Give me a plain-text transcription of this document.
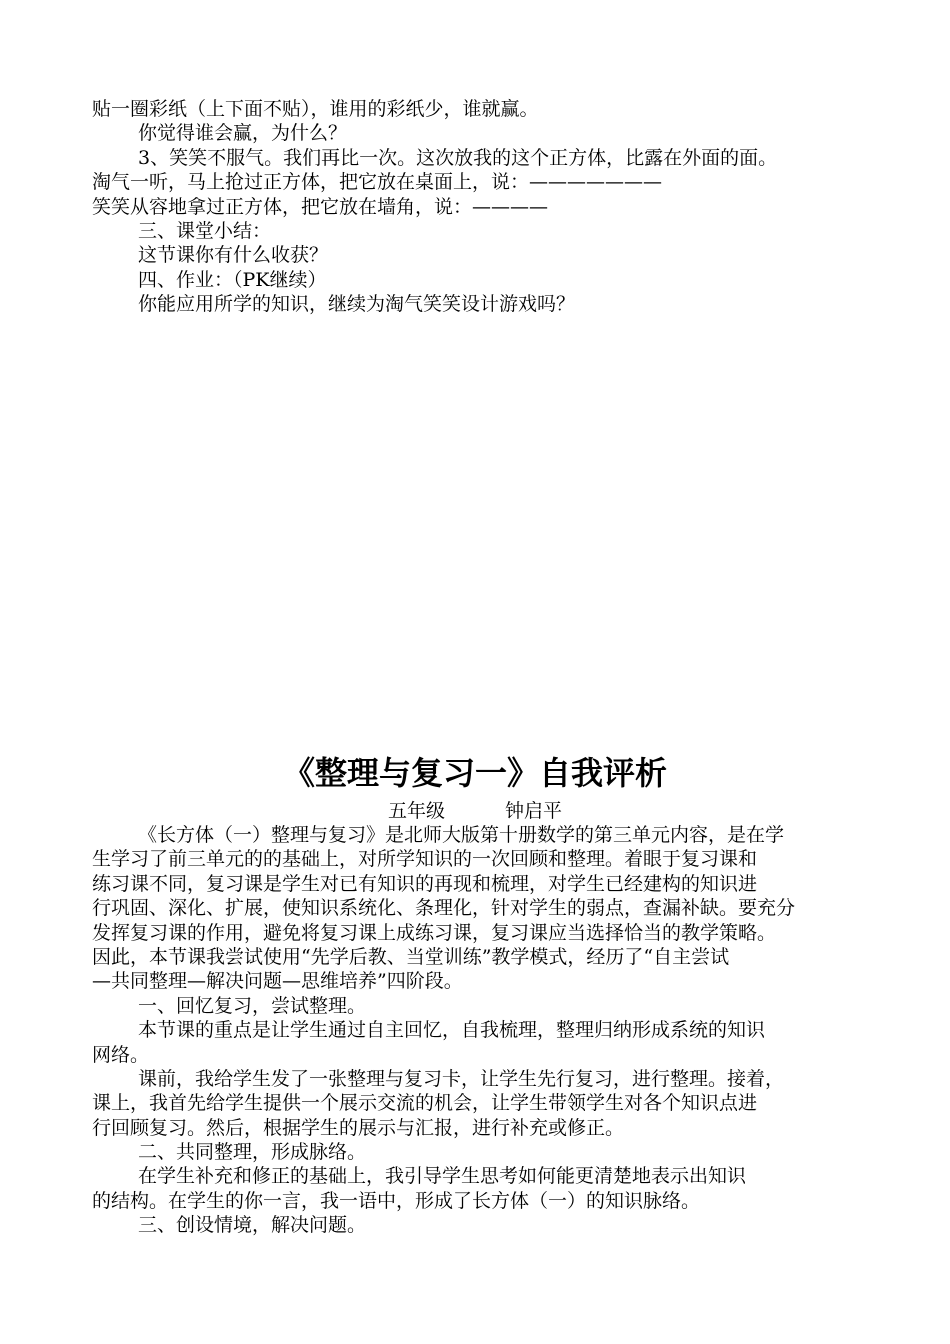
贴一圈彩纸（上下面不贴），谁用的彩纸少，谁就赢。
你觉得谁会赢，为什么？
3、笑笑不服气。我们再比一次。这次放我的这个正方体，比露在外面的面。
淘气一听，马上抢过正方体，把它放在桌面上，说：———————
笑笑从容地拿过正方体，把它放在墙角，说：————
三、课堂小结：
这节课你有什么收获？
四、作业：（PK继续）
你能应用所学的知识，继续为淘气笑笑设计游戏吗？
《整理与复习一》自我评析
五年级	钟启平
《长方体（一）整理与复习》是北师大版第十册数学的第三单元内容，是在学
生学习了前三单元的的基础上，对所学知识的一次回顾和整理。着眼于复习课和
练习课不同，复习课是学生对已有知识的再现和梳理，对学生已经建构的知识进
行巩固、深化、扩展，使知识系统化、条理化，针对学生的弱点，查漏补缺。要充分
发挥复习课的作用，避免将复习课上成练习课，复习课应当选择恰当的教学策略。
因此，本节课我尝试使用“先学后教、当堂训练”教学模式，经历了“自主尝试
—共同整理—解决问题—思维培养”四阶段。
一、回忆复习，尝试整理。
本节课的重点是让学生通过自主回忆，自我梳理，整理归纳形成系统的知识
网络。
课前，我给学生发了一张整理与复习卡，让学生先行复习，进行整理。接着，
课上，我首先给学生提供一个展示交流的机会，让学生带领学生对各个知识点进
行回顾复习。然后，根据学生的展示与汇报，进行补充或修正。
二、共同整理，形成脉络。
在学生补充和修正的基础上，我引导学生思考如何能更清楚地表示出知识
的结构。在学生的你一言，我一语中，形成了长方体（一）的知识脉络。
三、创设情境，解决问题。
